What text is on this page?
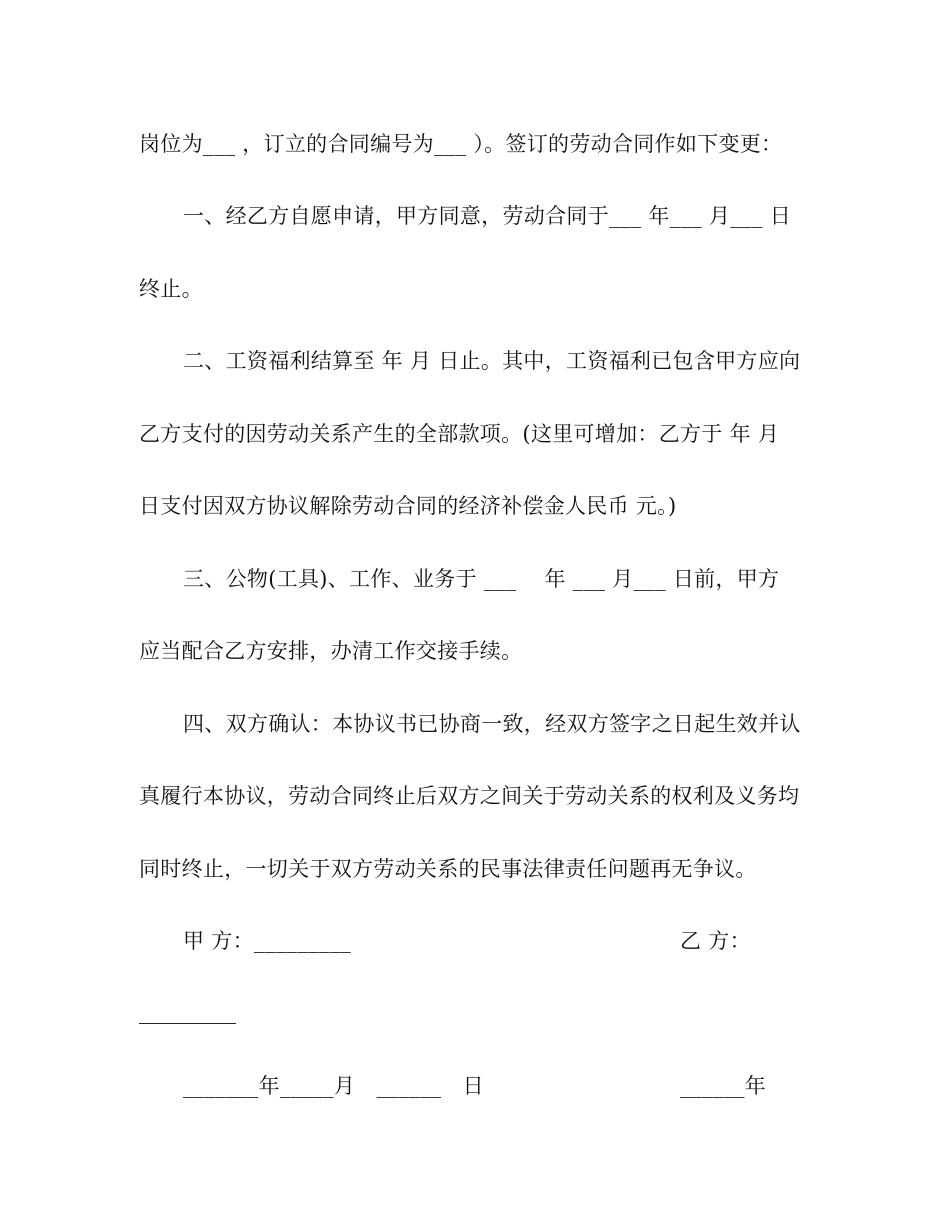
岗位为___ ，订立的合同编号为___ ）。签订的劳动合同作如下变更：
一、经乙方自愿申请，甲方同意，劳动合同于___ 年___ 月___ 日
终止。
二、工资福利结算至 年 月 日止。其中，工资福利已包含甲方应向
乙方支付的因劳动关系产生的全部款项。(这里可增加：乙方于 年 月
日支付因双方协议解除劳动合同的经济补偿金人民币 元。)
三、公物(工具)、工作、业务于 ___ 　年 ___ 月___ 日前，甲方
应当配合乙方安排，办清工作交接手续。
四、双方确认：本协议书已协商一致，经双方签字之日起生效并认
真履行本协议，劳动合同终止后双方之间关于劳动关系的权利及义务均
同时终止，一切关于双方劳动关系的民事法律责任问题再无争议。
甲 方：_________	乙 方：
_______年_____月　______　日	______年
